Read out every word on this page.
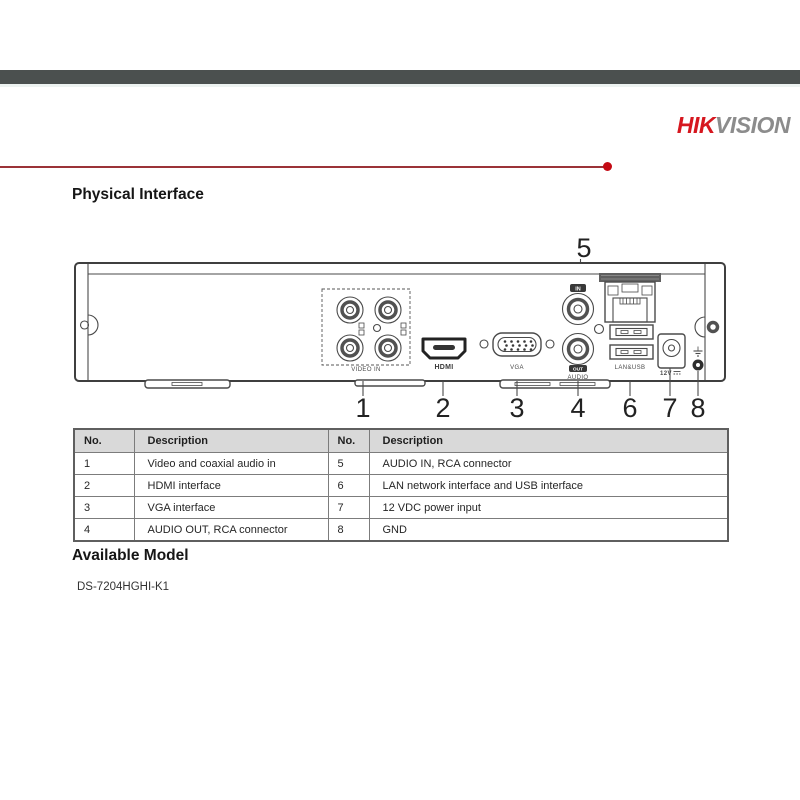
HIKVISION
Physical Interface
5
VIDEO IN	HDMI	VGA
IN
OUT
AUDIO
LAN&USB
12V
1 2 3 4 6 7 8
No.	Description	No.	Description
1	Video and coaxial audio in	5	AUDIO IN, RCA connector
2	HDMI interface	6	LAN network interface and USB interface
3	VGA interface	7	12 VDC power input
4	AUDIO OUT, RCA connector	8	GND
Available Model
DS-7204HGHI-K1
